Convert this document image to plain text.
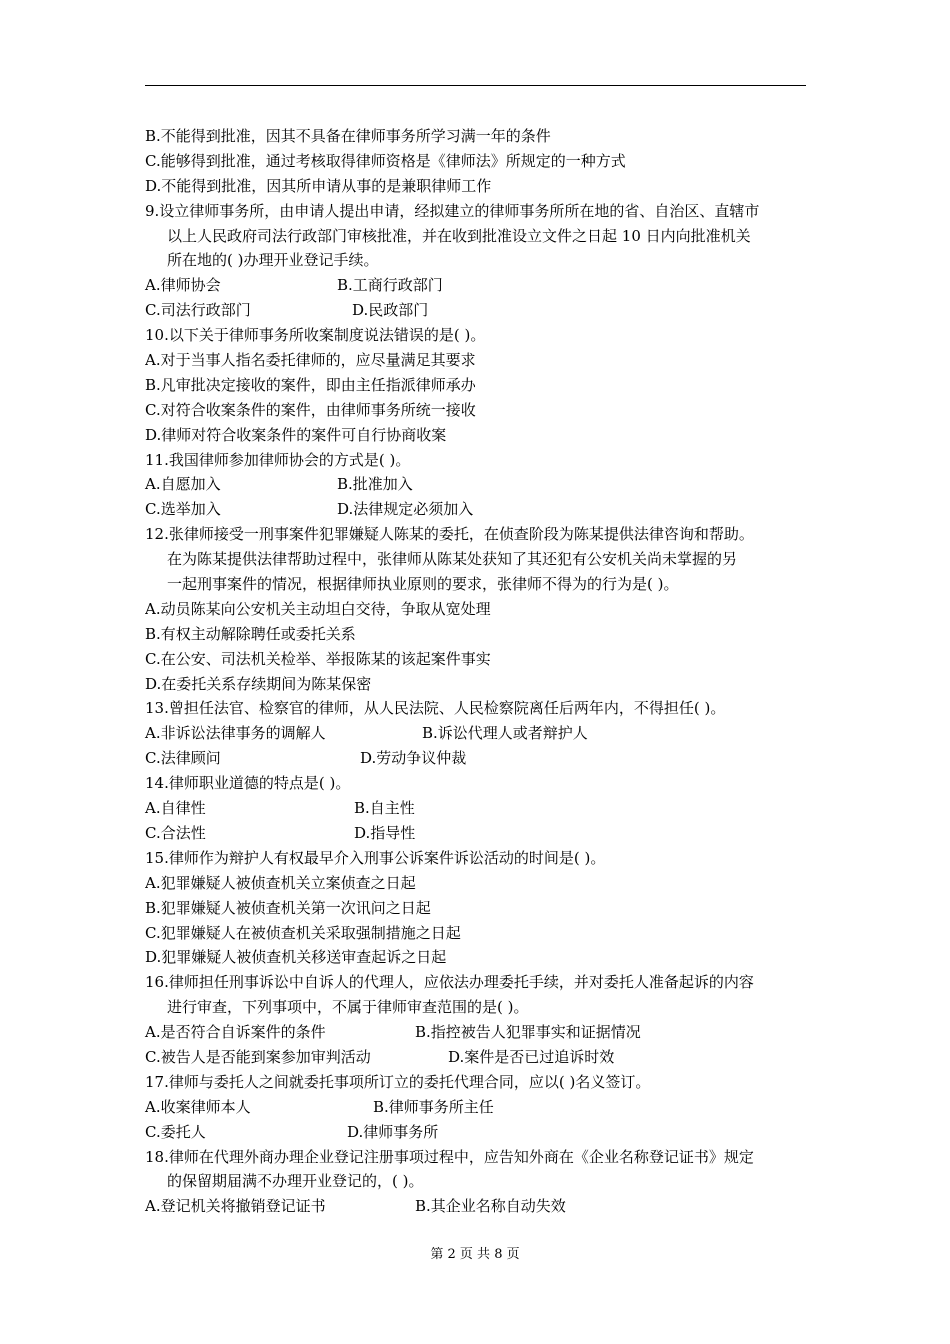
B.不能得到批准，因其不具备在律师事务所学习满一年的条件
C.能够得到批准，通过考核取得律师资格是《律师法》所规定的一种方式
D.不能得到批准，因其所申请从事的是兼职律师工作
9.设立律师事务所，由申请人提出申请，经拟建立的律师事务所所在地的省、自治区、直辖市
以上人民政府司法行政部门审核批准，并在收到批准设立文件之日起 10 日内向批准机关
所在地的( )办理开业登记手续。
A.律师协会	B.工商行政部门
C.司法行政部门	D.民政部门
10.以下关于律师事务所收案制度说法错误的是( )。
A.对于当事人指名委托律师的，应尽量满足其要求
B.凡审批决定接收的案件，即由主任指派律师承办
C.对符合收案条件的案件，由律师事务所统一接收
D.律师对符合收案条件的案件可自行协商收案
11.我国律师参加律师协会的方式是( )。
A.自愿加入	B.批准加入
C.选举加入	D.法律规定必须加入
12.张律师接受一刑事案件犯罪嫌疑人陈某的委托，在侦查阶段为陈某提供法律咨询和帮助。
在为陈某提供法律帮助过程中，张律师从陈某处获知了其还犯有公安机关尚未掌握的另
一起刑事案件的情况，根据律师执业原则的要求，张律师不得为的行为是( )。
A.动员陈某向公安机关主动坦白交待，争取从宽处理
B.有权主动解除聘任或委托关系
C.在公安、司法机关检举、举报陈某的该起案件事实
D.在委托关系存续期间为陈某保密
13.曾担任法官、检察官的律师，从人民法院、人民检察院离任后两年内，不得担任( )。
A.非诉讼法律事务的调解人	B.诉讼代理人或者辩护人
C.法律顾问	D.劳动争议仲裁
14.律师职业道德的特点是( )。
A.自律性	B.自主性
C.合法性	D.指导性
15.律师作为辩护人有权最早介入刑事公诉案件诉讼活动的时间是( )。
A.犯罪嫌疑人被侦查机关立案侦查之日起
B.犯罪嫌疑人被侦查机关第一次讯问之日起
C.犯罪嫌疑人在被侦查机关采取强制措施之日起
D.犯罪嫌疑人被侦查机关移送审查起诉之日起
16.律师担任刑事诉讼中自诉人的代理人，应依法办理委托手续，并对委托人准备起诉的内容
进行审查，下列事项中，不属于律师审查范围的是( )。
A.是否符合自诉案件的条件	B.指控被告人犯罪事实和证据情况
C.被告人是否能到案参加审判活动	D.案件是否已过追诉时效
17.律师与委托人之间就委托事项所订立的委托代理合同，应以( )名义签订。
A.收案律师本人	B.律师事务所主任
C.委托人	D.律师事务所
18.律师在代理外商办理企业登记注册事项过程中，应告知外商在《企业名称登记证书》规定
的保留期届满不办理开业登记的，( )。
A.登记机关将撤销登记证书	B.其企业名称自动失效
第 2 页 共 8 页
